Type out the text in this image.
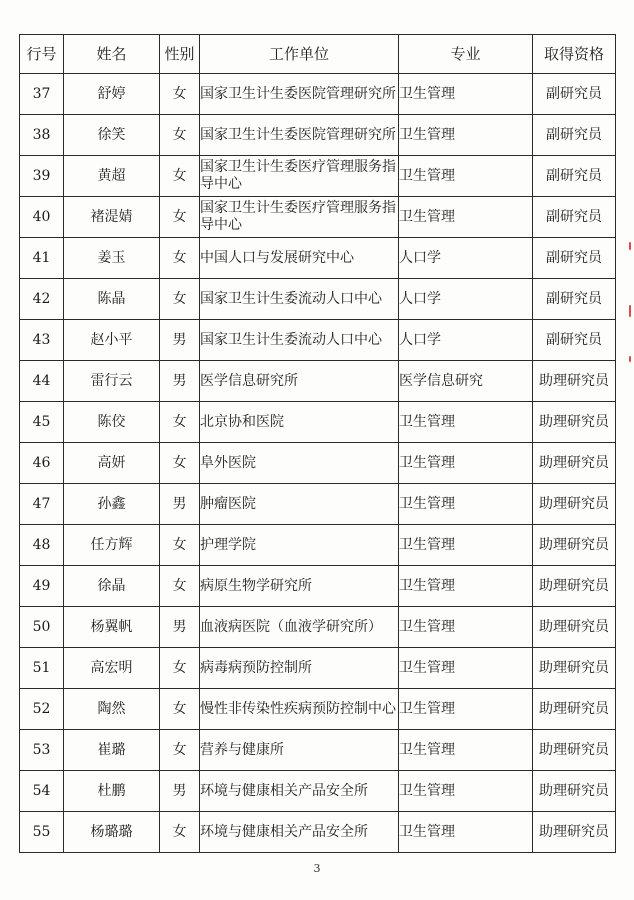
行号	姓名	性别	工作单位	专业	取得资格
37	舒婷	女	国家卫生计生委医院管理研究所	卫生管理	副研究员
38	徐笑	女	国家卫生计生委医院管理研究所	卫生管理	副研究员
39	黄超	女	国家卫生计生委医疗管理服务指导中心	卫生管理	副研究员
40	褚湜婧	女	国家卫生计生委医疗管理服务指导中心	卫生管理	副研究员
41	姜玉	女	中国人口与发展研究中心	人口学	副研究员
42	陈晶	女	国家卫生计生委流动人口中心	人口学	副研究员
43	赵小平	男	国家卫生计生委流动人口中心	人口学	副研究员
44	雷行云	男	医学信息研究所	医学信息研究	助理研究员
45	陈佼	女	北京协和医院	卫生管理	助理研究员
46	高妍	女	阜外医院	卫生管理	助理研究员
47	孙鑫	男	肿瘤医院	卫生管理	助理研究员
48	任方辉	女	护理学院	卫生管理	助理研究员
49	徐晶	女	病原生物学研究所	卫生管理	助理研究员
50	杨翼帆	男	血液病医院（血液学研究所）	卫生管理	助理研究员
51	高宏明	女	病毒病预防控制所	卫生管理	助理研究员
52	陶然	女	慢性非传染性疾病预防控制中心	卫生管理	助理研究员
53	崔璐	女	营养与健康所	卫生管理	助理研究员
54	杜鹏	男	环境与健康相关产品安全所	卫生管理	助理研究员
55	杨璐璐	女	环境与健康相关产品安全所	卫生管理	助理研究员
3
